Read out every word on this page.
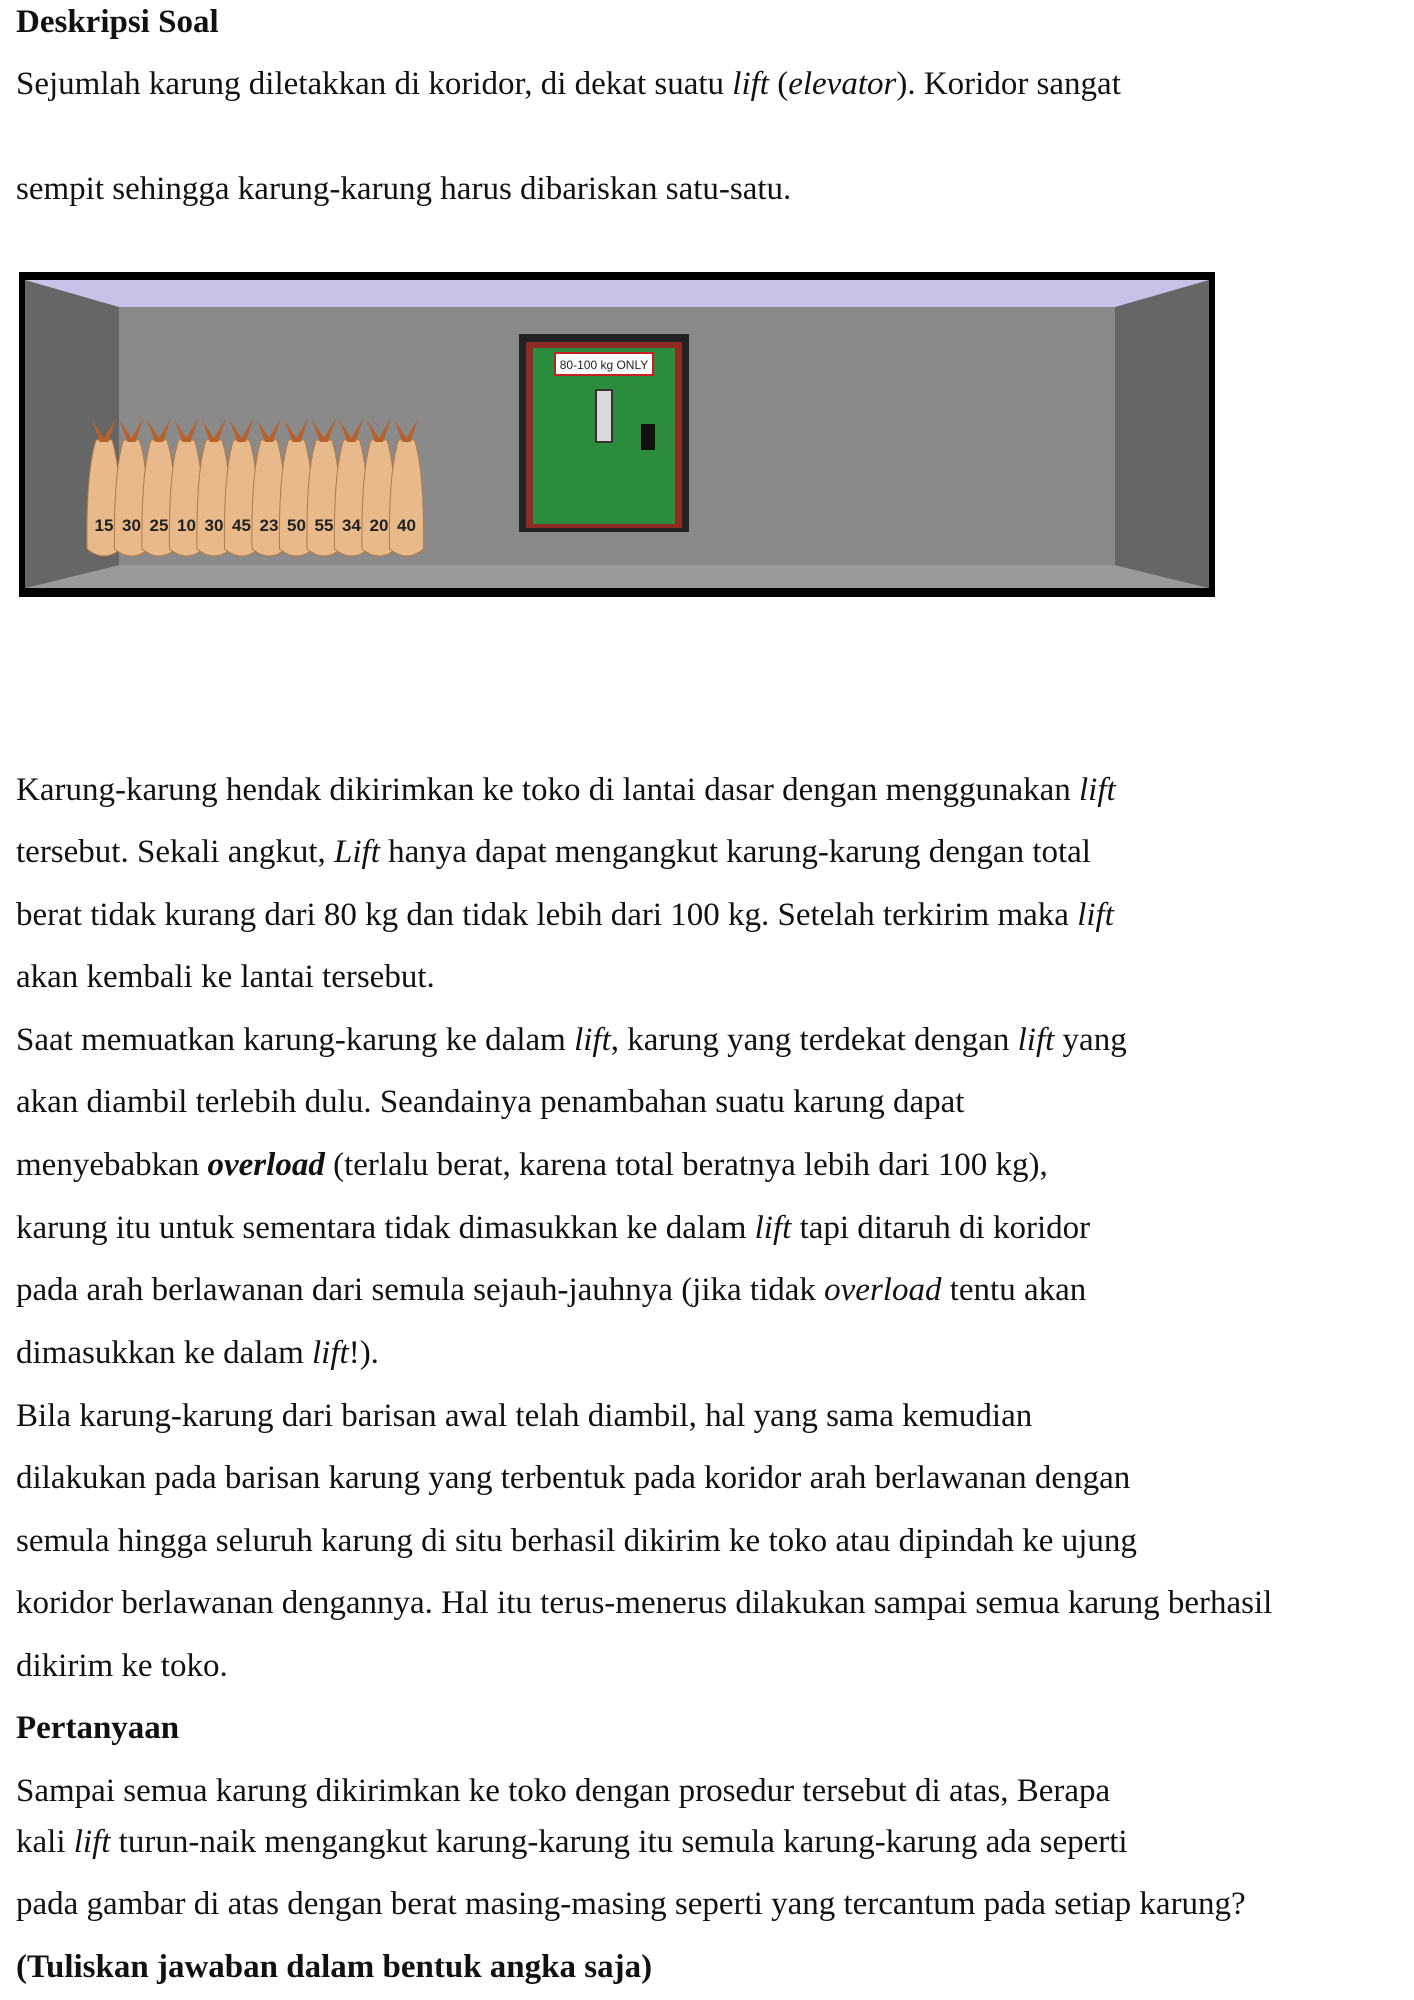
Deskripsi Soal

Sejumlah karung diletakkan di koridor, di dekat suatu lift (elevator). Koridor sangat

sempit sehingga karung-karung harus dibariskan satu-satu.

80-100 kg ONLY
15 30 25 10 30 45 23 50 55 34 20 40

Karung-karung hendak dikirimkan ke toko di lantai dasar dengan menggunakan lift

tersebut. Sekali angkut, Lift hanya dapat mengangkut karung-karung dengan total

berat tidak kurang dari 80 kg dan tidak lebih dari 100 kg. Setelah terkirim maka lift

akan kembali ke lantai tersebut.

Saat memuatkan karung-karung ke dalam lift, karung yang terdekat dengan lift yang

akan diambil terlebih dulu. Seandainya penambahan suatu karung dapat

menyebabkan overload (terlalu berat, karena total beratnya lebih dari 100 kg),

karung itu untuk sementara tidak dimasukkan ke dalam lift tapi ditaruh di koridor

pada arah berlawanan dari semula sejauh-jauhnya (jika tidak overload tentu akan

dimasukkan ke dalam lift!).

Bila karung-karung dari barisan awal telah diambil, hal yang sama kemudian

dilakukan pada barisan karung yang terbentuk pada koridor arah berlawanan dengan

semula hingga seluruh karung di situ berhasil dikirim ke toko atau dipindah ke ujung

koridor berlawanan dengannya. Hal itu terus-menerus dilakukan sampai semua karung berhasil

dikirim ke toko.

Pertanyaan

Sampai semua karung dikirimkan ke toko dengan prosedur tersebut di atas, Berapa

kali lift turun-naik mengangkut karung-karung itu semula karung-karung ada seperti

pada gambar di atas dengan berat masing-masing seperti yang tercantum pada setiap karung?

(Tuliskan jawaban dalam bentuk angka saja)
